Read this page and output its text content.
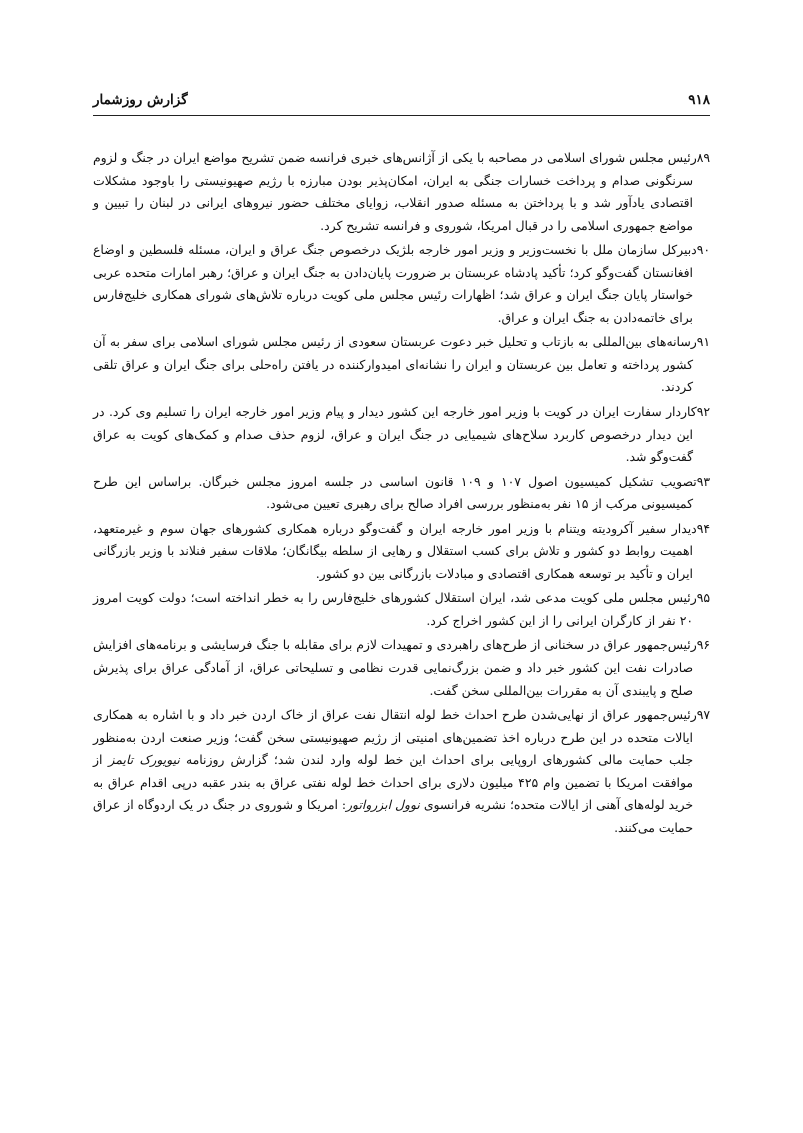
۹۱۸
گزارش روزشمار

۸۹رئیس مجلس شورای اسلامی در مصاحبه با یکی از آژانس‌های خبری فرانسه ضمن تشریح مواضع ایران در جنگ و لزوم سرنگونی صدام و پرداخت خسارات جنگی به ایران، امکان‌پذیر بودن مبارزه با رژیم صهیونیستی را باوجود مشکلات اقتصادی یادآور شد و با پرداختن به مسئله صدور انقلاب، زوایای مختلف حضور نیروهای ایرانی در لبنان را تبیین و مواضع جمهوری اسلامی را در قبال امریکا، شوروی و فرانسه تشریح کرد.

۹۰دبیرکل سازمان ملل با نخست‌وزیر و وزیر امور خارجه بلژیک درخصوص جنگ عراق و ایران، مسئله فلسطین و اوضاع افغانستان گفت‌وگو کرد؛ تأکید پادشاه عربستان بر ضرورت پایان‌دادن به جنگ ایران و عراق؛ رهبر امارات متحده عربی خواستار پایان جنگ ایران و عراق شد؛ اظهارات رئیس مجلس ملی کویت درباره تلاش‌های شورای همکاری خلیج‌فارس برای خاتمه‌دادن به جنگ ایران و عراق.

۹۱رسانه‌های بین‌المللی به بازتاب و تحلیل خبر دعوت عربستان سعودی از رئیس مجلس شورای اسلامی برای سفر به آن کشور پرداخته و تعامل بین عربستان و ایران را نشانه‌ای امیدوارکننده در یافتن راه‌حلی برای جنگ ایران و عراق تلقی کردند.

۹۲کاردار سفارت ایران در کویت با وزیر امور خارجه این کشور دیدار و پیام وزیر امور خارجه ایران را تسلیم وی کرد. در این دیدار درخصوص کاربرد سلاح‌های شیمیایی در جنگ ایران و عراق، لزوم حذف صدام و کمک‌های کویت به عراق گفت‌وگو شد.

۹۳تصویب تشکیل کمیسیون اصول ۱۰۷ و ۱۰۹ قانون اساسی در جلسه امروز مجلس خبرگان. براساس این طرح کمیسیونی مرکب از ۱۵ نفر به‌منظور بررسی افراد صالح برای رهبری تعیین می‌شود.

۹۴دیدار سفیر آکرودیته ویتنام با وزیر امور خارجه ایران و گفت‌وگو درباره همکاری کشورهای جهان سوم و غیرمتعهد، اهمیت روابط دو کشور و تلاش برای کسب استقلال و رهایی از سلطه بیگانگان؛ ملاقات سفیر فنلاند با وزیر بازرگانی ایران و تأکید بر توسعه همکاری اقتصادی و مبادلات بازرگانی بین دو کشور.

۹۵رئیس مجلس ملی کویت مدعی شد، ایران استقلال کشورهای خلیج‌فارس را به خطر انداخته است؛ دولت کویت امروز ۲۰ نفر از کارگران ایرانی را از این کشور اخراج کرد.

۹۶رئیس‌جمهور عراق در سخنانی از طرح‌های راهبردی و تمهیدات لازم برای مقابله با جنگ فرسایشی و برنامه‌های افزایش صادرات نفت این کشور خبر داد و ضمن بزرگ‌نمایی قدرت نظامی و تسلیحاتی عراق، از آمادگی عراق برای پذیرش صلح و پایبندی آن به مقررات بین‌المللی سخن گفت.

۹۷رئیس‌جمهور عراق از نهایی‌شدن طرح احداث خط لوله انتقال نفت عراق از خاک اردن خبر داد و با اشاره به همکاری ایالات متحده در این طرح درباره اخذ تضمین‌های امنیتی از رژیم صهیونیستی سخن گفت؛ وزیر صنعت اردن به‌منظور جلب حمایت مالی کشورهای اروپایی برای احداث این خط لوله وارد لندن شد؛ گزارش روزنامه نیویورک تایمز از موافقت امریکا با تضمین وام ۴۲۵ میلیون دلاری برای احداث خط لوله نفتی عراق به بندر عقبه درپی اقدام عراق به خرید لوله‌های آهنی از ایالات متحده؛ نشریه فرانسوی نوول ابزرواتور: امریکا و شوروی در جنگ در یک اردوگاه از عراق حمایت می‌کنند.
